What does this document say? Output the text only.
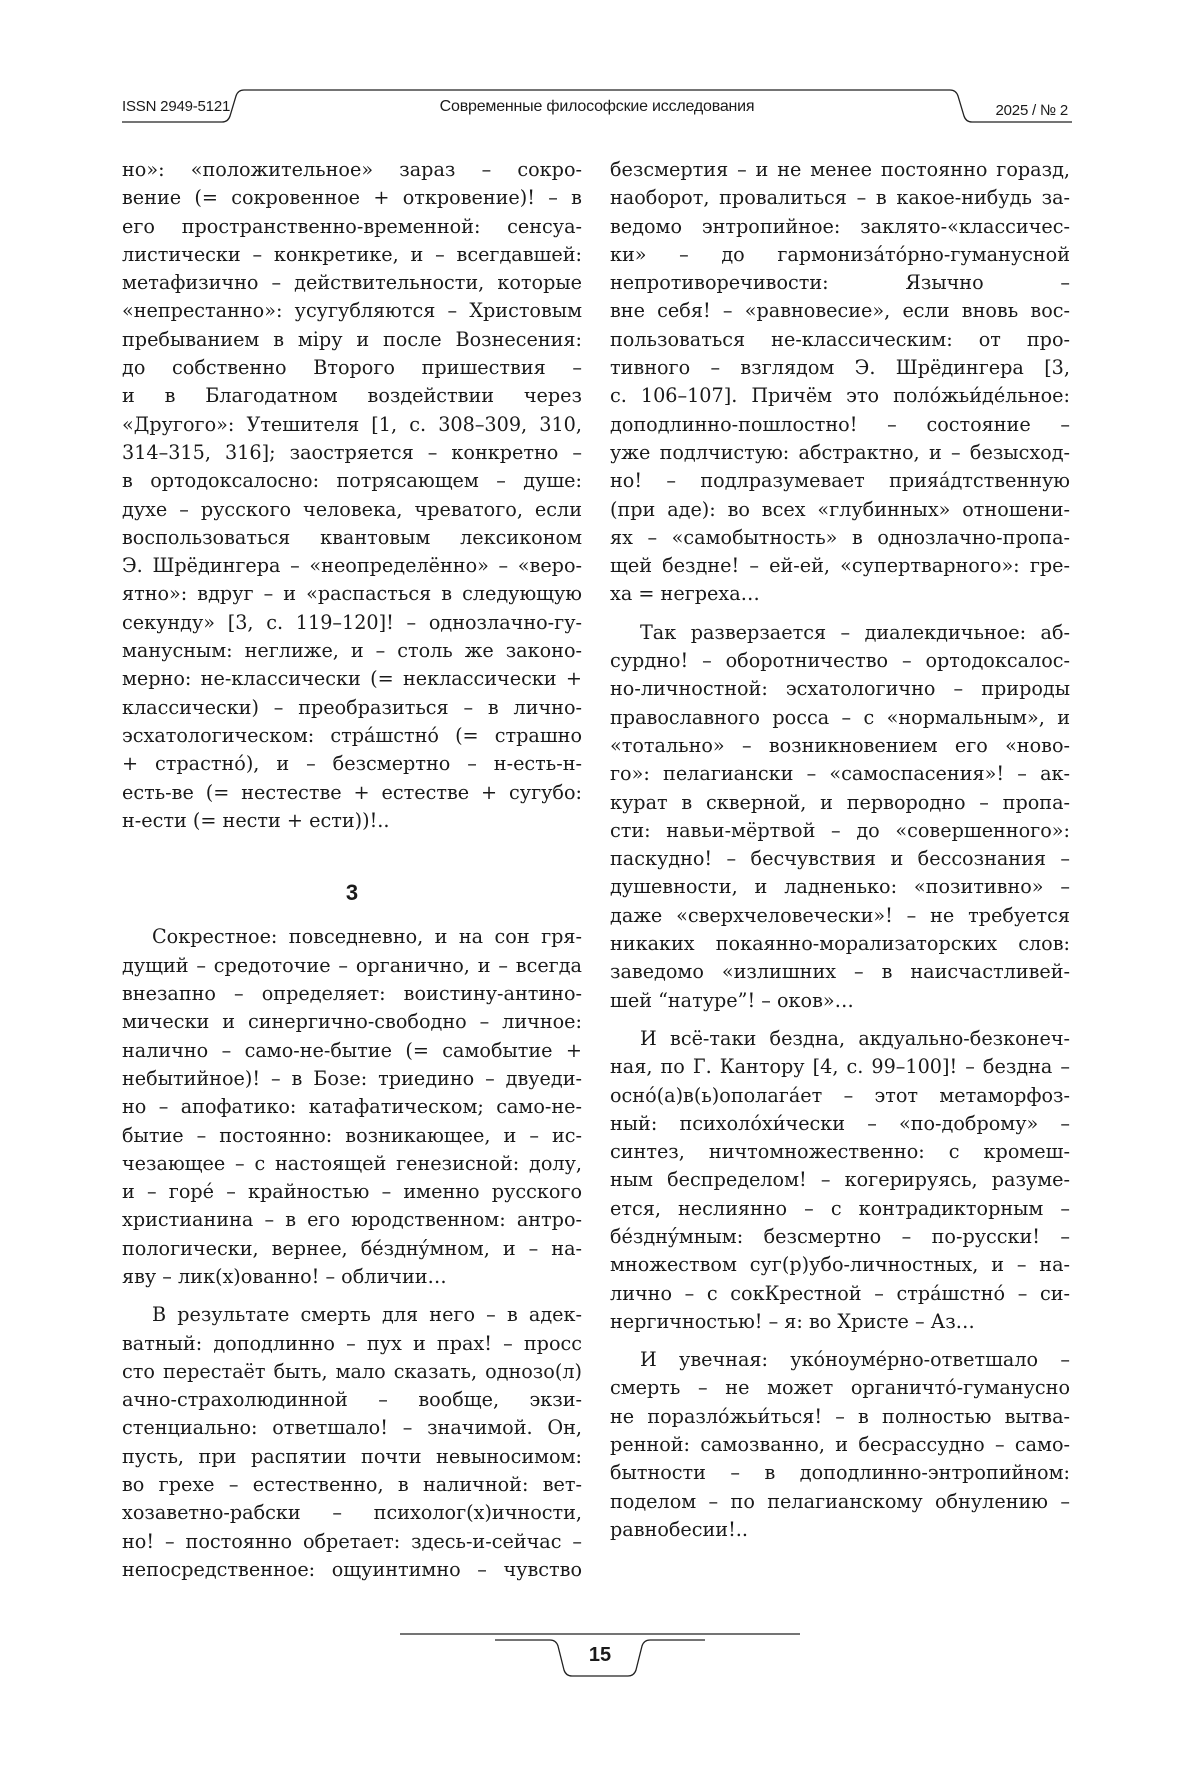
ISSN 2949-5121	Современные философские исследования	2025 / № 2
но»: «положительное» зараз – сокро-
вение (= сокровенное + откровение)! – в
его пространственно-временной: сенсуа-
листически – конкретике, и – всегдавшей:
метафизично – действительности, которые
«непрестанно»: усугубляются – Христовым
пребыванием в міру и после Вознесения:
до собственно Второго пришествия –
и в Благодатном воздействии через
«Другого»: Утешителя [1, с. 308–309, 310,
314–315, 316]; заостряется – конкретно –
в ортодоксалосно: потрясающем – душе:
духе – русского человека, чреватого, если
воспользоваться квантовым лексиконом
Э. Шрёдингера – «неопределённо» – «веро-
ятно»: вдруг – и «распасться в следующую
секунду» [3, с. 119–120]! – однозлачно-гу-
манусным: неглиже, и – столь же законо-
мерно: не-классически (= неклассически +
классически) – преобразиться – в лично-
эсхатологическом: стра́шстно́ (= страшно
+ страстно́), и – безсмертно – н-есть-н-
есть-ве (= нестестве + естестве + сугубо:
н-ести (= нести + ести))!..
3
Сокрестное: повседневно, и на сон гря-
дущий – средоточие – органично, и – всегда
внезапно – определяет: воистину-антино-
мически и синергично-свободно – личное:
налично – само-не-бытие (= самобытие +
небытийное)! – в Бозе: триедино – двуеди-
но – апофатико: катафатическом; само-не-
бытие – постоянно: возникающее, и – ис-
чезающее – с настоящей генезисной: долу,
и – горе́ – крайностью – именно русского
христианина – в его юродственном: антро-
пологически, вернее, бе́зднýмном, и – на-
яву – лик(х)ованно! – обличии…
В результате смерть для него – в адек-
ватный: доподлинно – пух и прах! – просс
сто перестаёт быть, мало сказать, однозо(л)
ачно-страхолюдинной – вообще, экзи-
стенциально: ответшало! – значимой. Он,
пусть, при распятии почти невыносимом:
во грехе – естественно, в наличной: вет-
хозаветно-рабски – психолог(х)ичности,
но! – постоянно обретает: здесь-и-сейчас –
непосредственное: ощуинтимно – чувство
безсмертия – и не менее постоянно горазд,
наоборот, провалиться – в какое-нибудь за-
ведомо энтропийное: заклято-«классичес-
ки» – до гармонизáто́рно-гуманусной
непротиворечивости: Язычно –
вне себя! – «равновесие», если вновь вос-
пользоваться не-классическим: от про-
тивного – взглядом Э. Шрёдингера [3,
с. 106–107]. Причём это поло́жьи́де́льное:
доподлинно-пошлостно! – состояние –
уже подлчистую: абстрактно, и – безысход-
но! – подлразумевает прияа́дтственную
(при аде): во всех «глубинных» отношени-
ях – «самобытность» в однозлачно-пропа-
щей бездне! – ей-ей, «супертварного»: гре-
ха = негреха…
Так разверзается – диалекдичьное: аб-
сурдно! – оборотничество – ортодоксалос-
но-личностной: эсхатологично – природы
православного росса – с «нормальным», и
«тотально» – возникновением его «ново-
го»: пелагиански – «самоспасения»! – ак-
курат в скверной, и первородно – пропа-
сти: навьи-мёртвой – до «совершенного»:
паскудно! – бесчувствия и бессознания –
душевности, и ладненько: «позитивно» –
даже «сверхчеловечески»! – не требуется
никаких покаянно-морализаторских слов:
заведомо «излишних – в наисчастливей-
шей “натуре”! – оков»…
И всё-таки бездна, акдуально-безконеч-
ная, по Г. Кантору [4, с. 99–100]! – бездна –
оснó(а)в(ь)ополага́ет – этот метаморфоз-
ный: психоло́хи́чески – «по-доброму» –
синтез, ничтомножественно: с кромеш-
ным беспределом! – когерируясь, разуме-
ется, неслиянно – с контрадикторным –
бе́зднýмным: безсмертно – по-русски! –
множеством суг(р)убо-личностных, и – на-
лично – с сокКрестной – стра́шстно́ – си-
нергичностью! – я: во Христе – Аз…
И увечная: укóноуме́рно-ответшало –
смерть – не может органичто́-гуманусно
не поразло́жьи́ться! – в полностью вытва-
ренной: самозванно, и бесрассудно – само-
бытности – в доподлинно-энтропийном:
поделом – по пелагианскому обнулению –
равнобесии!..
15
